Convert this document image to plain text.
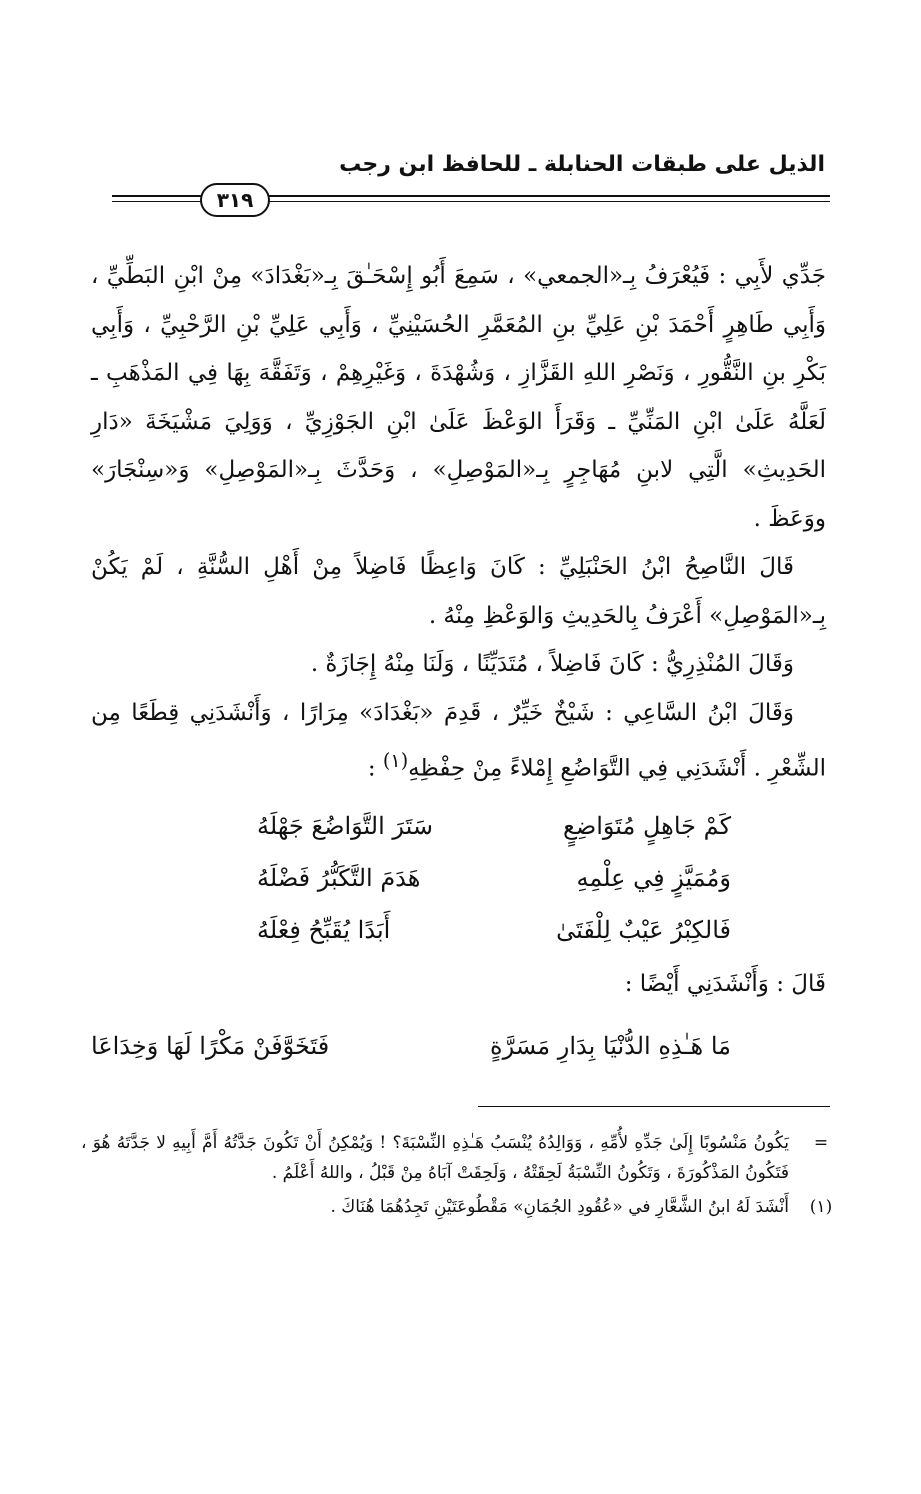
الذيل على طبقات الحنابلة ـ للحافظ ابن رجب
٣١٩

جَدِّي لأَبِي : فَيُعْرَفُ بِـ«الجمعي» ، سَمِعَ أَبُو إِسْحَـٰقَ بِـ«بَغْدَادَ» مِنْ ابْنِ البَطِّيِّ ، وَأَبِي طَاهِرٍ أَحْمَدَ بْنِ عَلِيِّ بنِ المُعَمَّرِ الحُسَيْنِيِّ ، وَأَبِي عَلِيِّ بْنِ الرَّحْبِيِّ ، وَأَبِي بَكْرِ بنِ النَّقُّورِ ، وَنَصْرِ اللهِ القَزَّازِ ، وَشُهْدَةَ ، وَغَيْرِهِمْ ، وَتَفَقَّهَ بِهَا فِي المَذْهَبِ ـ لَعَلَّهُ عَلَىٰ ابْنِ المَنِّيِّ ـ وَقَرَأَ الوَعْظَ عَلَىٰ ابْنِ الجَوْزِيِّ ، وَوَلِيَ مَشْيَخَةَ «دَارِ الحَدِيثِ» الَّتِي لابنِ مُهَاجِرٍ بِـ«المَوْصِلِ» ، وَحَدَّثَ بِـ«المَوْصِلِ» وَ«سِنْجَارَ» ووَعَظَ .

قَالَ النَّاصِحُ ابْنُ الحَنْبَلِيِّ : كَانَ وَاعِظًا فَاضِلاً مِنْ أَهْلِ السُّنَّةِ ، لَمْ يَكُنْ بِـ«المَوْصِلِ» أَعْرَفُ بِالحَدِيثِ وَالوَعْظِ مِنْهُ .

وَقَالَ المُنْذِرِيُّ : كَانَ فَاضِلاً ، مُتَدَيِّنًا ، وَلَنَا مِنْهُ إِجَازَةٌ .

وَقَالَ ابْنُ السَّاعِي : شَيْخٌ خَيِّرٌ ، قَدِمَ «بَغْدَادَ» مِرَارًا ، وَأَنْشَدَنِي قِطَعًا مِن الشِّعْرِ . أَنْشَدَنِي فِي التَّوَاضُعِ إِمْلاءً مِنْ حِفْظِهِ$^{(١)}$ :

كَمْ جَاهِلٍ مُتَوَاضِعٍ
سَتَرَ التَّوَاضُعَ جَهْلَهُ
وَمُمَيَّزٍ فِي عِلْمِهِ
هَدَمَ التَّكَبُّرُ فَضْلَهُ
فَالكِبْرُ عَيْبٌ لِلْفَتَىٰ
أَبَدًا يُقَبِّحُ فِعْلَهُ
قَالَ : وَأَنْشَدَنِي أَيْضًا :
مَا هَـٰذِهِ الدُّنْيَا بِدَارِ مَسَرَّةٍ
فَتَخَوَّفَنْ مَكْرًا لَهَا وَخِدَاعَا
=
يَكُونُ مَنْسُوبًا إِلَىٰ جَدِّهِ لأُمِّهِ ، وَوَالِدُهُ يُنْسَبُ هَـٰذِهِ النِّسْبَةَ؟ ! وَيُمْكِنُ أَنْ تَكُونَ جَدَّتُهُ أَمَّ أَبِيهِ لا جَدَّتَهُ هُوَ ، فَتَكُونُ المَذْكُورَةَ ، وَتَكُونُ النِّسْبَةُ لَحِقَتْهُ ، وَلَحِقَتْ آبَاهُ مِنْ قَبْلُ ، واللهُ أَعْلَمُ .
(١)
أَنْشَدَ لَهُ ابنُ الشَّعَّارِ في «عُقُودِ الجُمَانِ» مَقْطُوعَتَيْنِ تَجِدُهُمَا هُنَاكَ .
